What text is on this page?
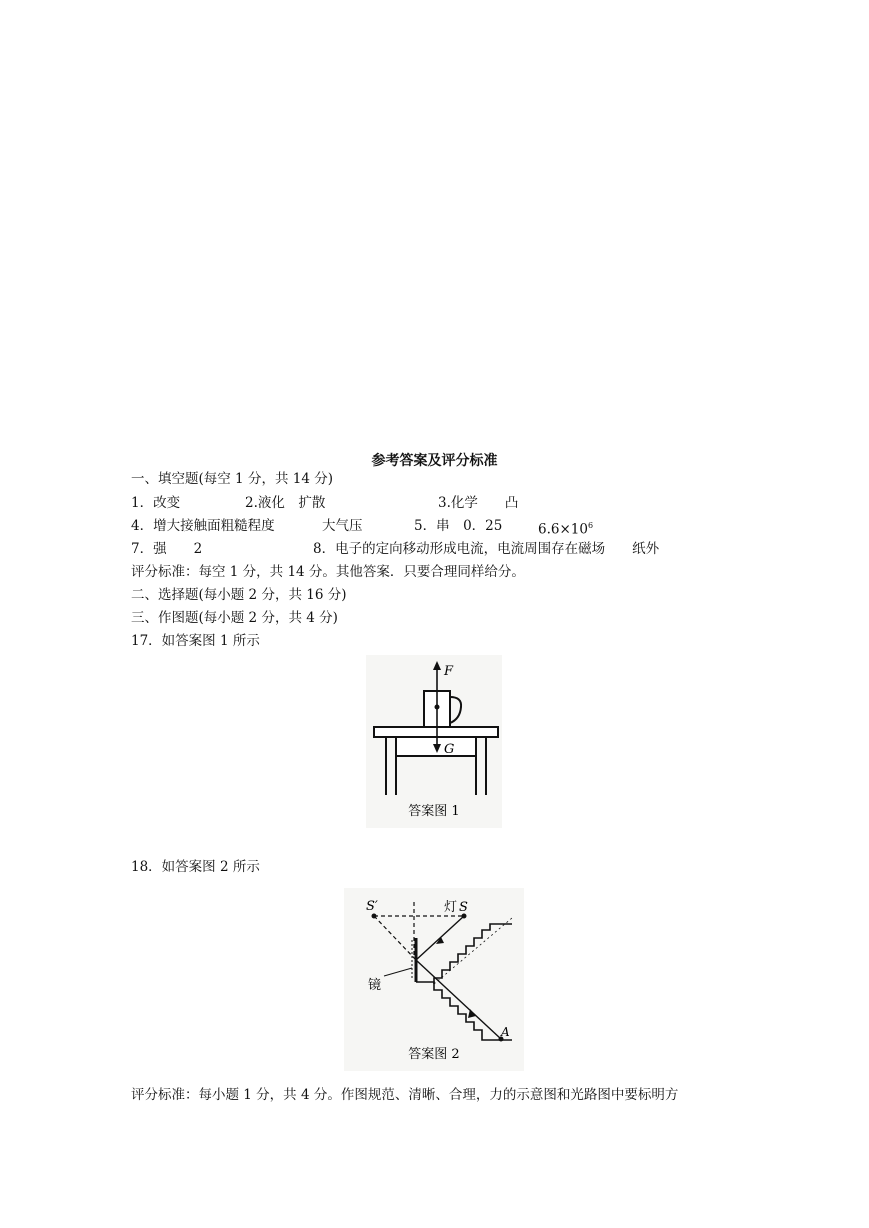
参考答案及评分标准
一、填空题(每空 1 分，共 14 分)
1．改变	2.液化　扩散	3.化学　　凸
4．增大接触面粗糙程度	大气压	5．串　0．25	$6.6\times 10^6$
7．强　　2	8．电子的定向移动形成电流，电流周围存在磁场　　纸外
评分标准：每空 1 分，共 14 分。其他答案．只要合理同样给分。
二、选择题(每小题 2 分，共 16 分)
三、作图题(每小题 2 分，共 4 分)
17．如答案图 1 所示
F
G
答案图 1
18．如答案图 2 所示
S′	灯 S
镜
A
答案图 2
评分标准：每小题 1 分，共 4 分。作图规范、清晰、合理，力的示意图和光路图中要标明方
